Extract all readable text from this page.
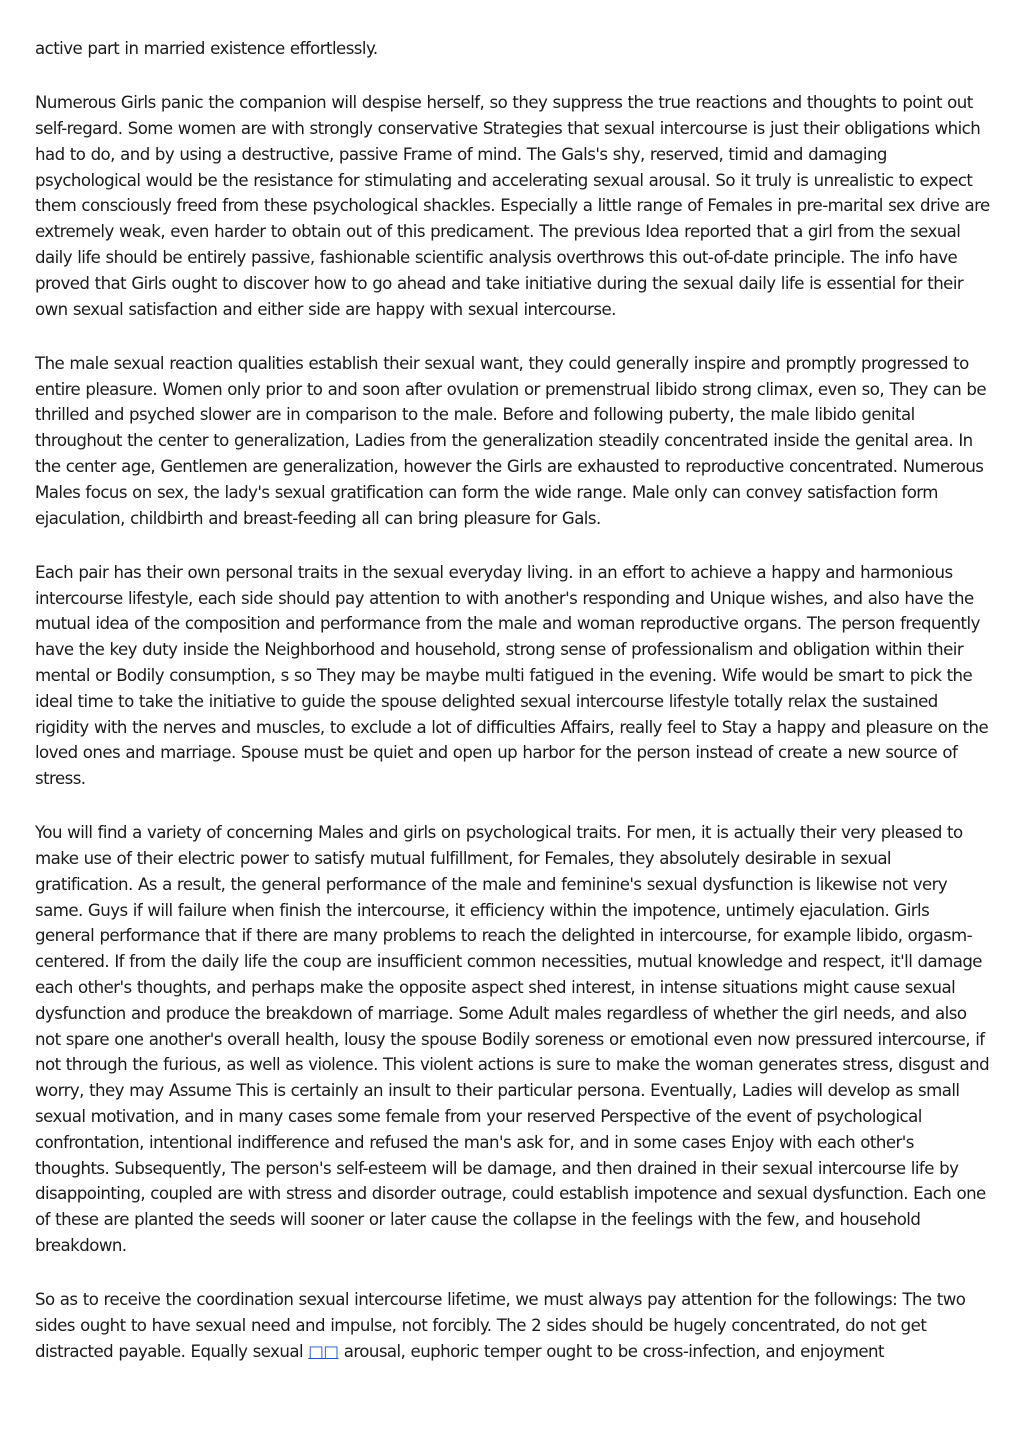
active part in married existence effortlessly.

Numerous Girls panic the companion will despise herself, so they suppress the true reactions and thoughts to point out self-regard. Some women are with strongly conservative Strategies that sexual intercourse is just their obligations which had to do, and by using a destructive, passive Frame of mind. The Gals's shy, reserved, timid and damaging psychological would be the resistance for stimulating and accelerating sexual arousal. So it truly is unrealistic to expect them consciously freed from these psychological shackles. Especially a little range of Females in pre-marital sex drive are extremely weak, even harder to obtain out of this predicament. The previous Idea reported that a girl from the sexual daily life should be entirely passive, fashionable scientific analysis overthrows this out-of-date principle. The info have proved that Girls ought to discover how to go ahead and take initiative during the sexual daily life is essential for their own sexual satisfaction and either side are happy with sexual intercourse.

The male sexual reaction qualities establish their sexual want, they could generally inspire and promptly progressed to entire pleasure. Women only prior to and soon after ovulation or premenstrual libido strong climax, even so, They can be thrilled and psyched slower are in comparison to the male. Before and following puberty, the male libido genital throughout the center to generalization, Ladies from the generalization steadily concentrated inside the genital area. In the center age, Gentlemen are generalization, however the Girls are exhausted to reproductive concentrated. Numerous Males focus on sex, the lady's sexual gratification can form the wide range. Male only can convey satisfaction form ejaculation, childbirth and breast-feeding all can bring pleasure for Gals.

Each pair has their own personal traits in the sexual everyday living. in an effort to achieve a happy and harmonious intercourse lifestyle, each side should pay attention to with another's responding and Unique wishes, and also have the mutual idea of the composition and performance from the male and woman reproductive organs. The person frequently have the key duty inside the Neighborhood and household, strong sense of professionalism and obligation within their mental or Bodily consumption, s so They may be maybe multi fatigued in the evening. Wife would be smart to pick the ideal time to take the initiative to guide the spouse delighted sexual intercourse lifestyle totally relax the sustained rigidity with the nerves and muscles, to exclude a lot of difficulties Affairs, really feel to Stay a happy and pleasure on the loved ones and marriage. Spouse must be quiet and open up harbor for the person instead of create a new source of stress.

You will find a variety of concerning Males and girls on psychological traits. For men, it is actually their very pleased to make use of their electric power to satisfy mutual fulfillment, for Females, they absolutely desirable in sexual gratification. As a result, the general performance of the male and feminine's sexual dysfunction is likewise not very same. Guys if will failure when finish the intercourse, it efficiency within the impotence, untimely ejaculation. Girls general performance that if there are many problems to reach the delighted in intercourse, for example libido, orgasm-centered. If from the daily life the coup are insufficient common necessities, mutual knowledge and respect, it'll damage each other's thoughts, and perhaps make the opposite aspect shed interest, in intense situations might cause sexual dysfunction and produce the breakdown of marriage. Some Adult males regardless of whether the girl needs, and also not spare one another's overall health, lousy the spouse Bodily soreness or emotional even now pressured intercourse, if not through the furious, as well as violence. This violent actions is sure to make the woman generates stress, disgust and worry, they may Assume This is certainly an insult to their particular persona. Eventually, Ladies will develop as small sexual motivation, and in many cases some female from your reserved Perspective of the event of psychological confrontation, intentional indifference and refused the man's ask for, and in some cases Enjoy with each other's thoughts. Subsequently, The person's self-esteem will be damage, and then drained in their sexual intercourse life by disappointing, coupled are with stress and disorder outrage, could establish impotence and sexual dysfunction. Each one of these are planted the seeds will sooner or later cause the collapse in the feelings with the few, and household breakdown.

So as to receive the coordination sexual intercourse lifetime, we must always pay attention for the followings: The two sides ought to have sexual need and impulse, not forcibly. The 2 sides should be hugely concentrated, do not get distracted payable. Equally sexual □□ arousal, euphoric temper ought to be cross-infection, and enjoyment
